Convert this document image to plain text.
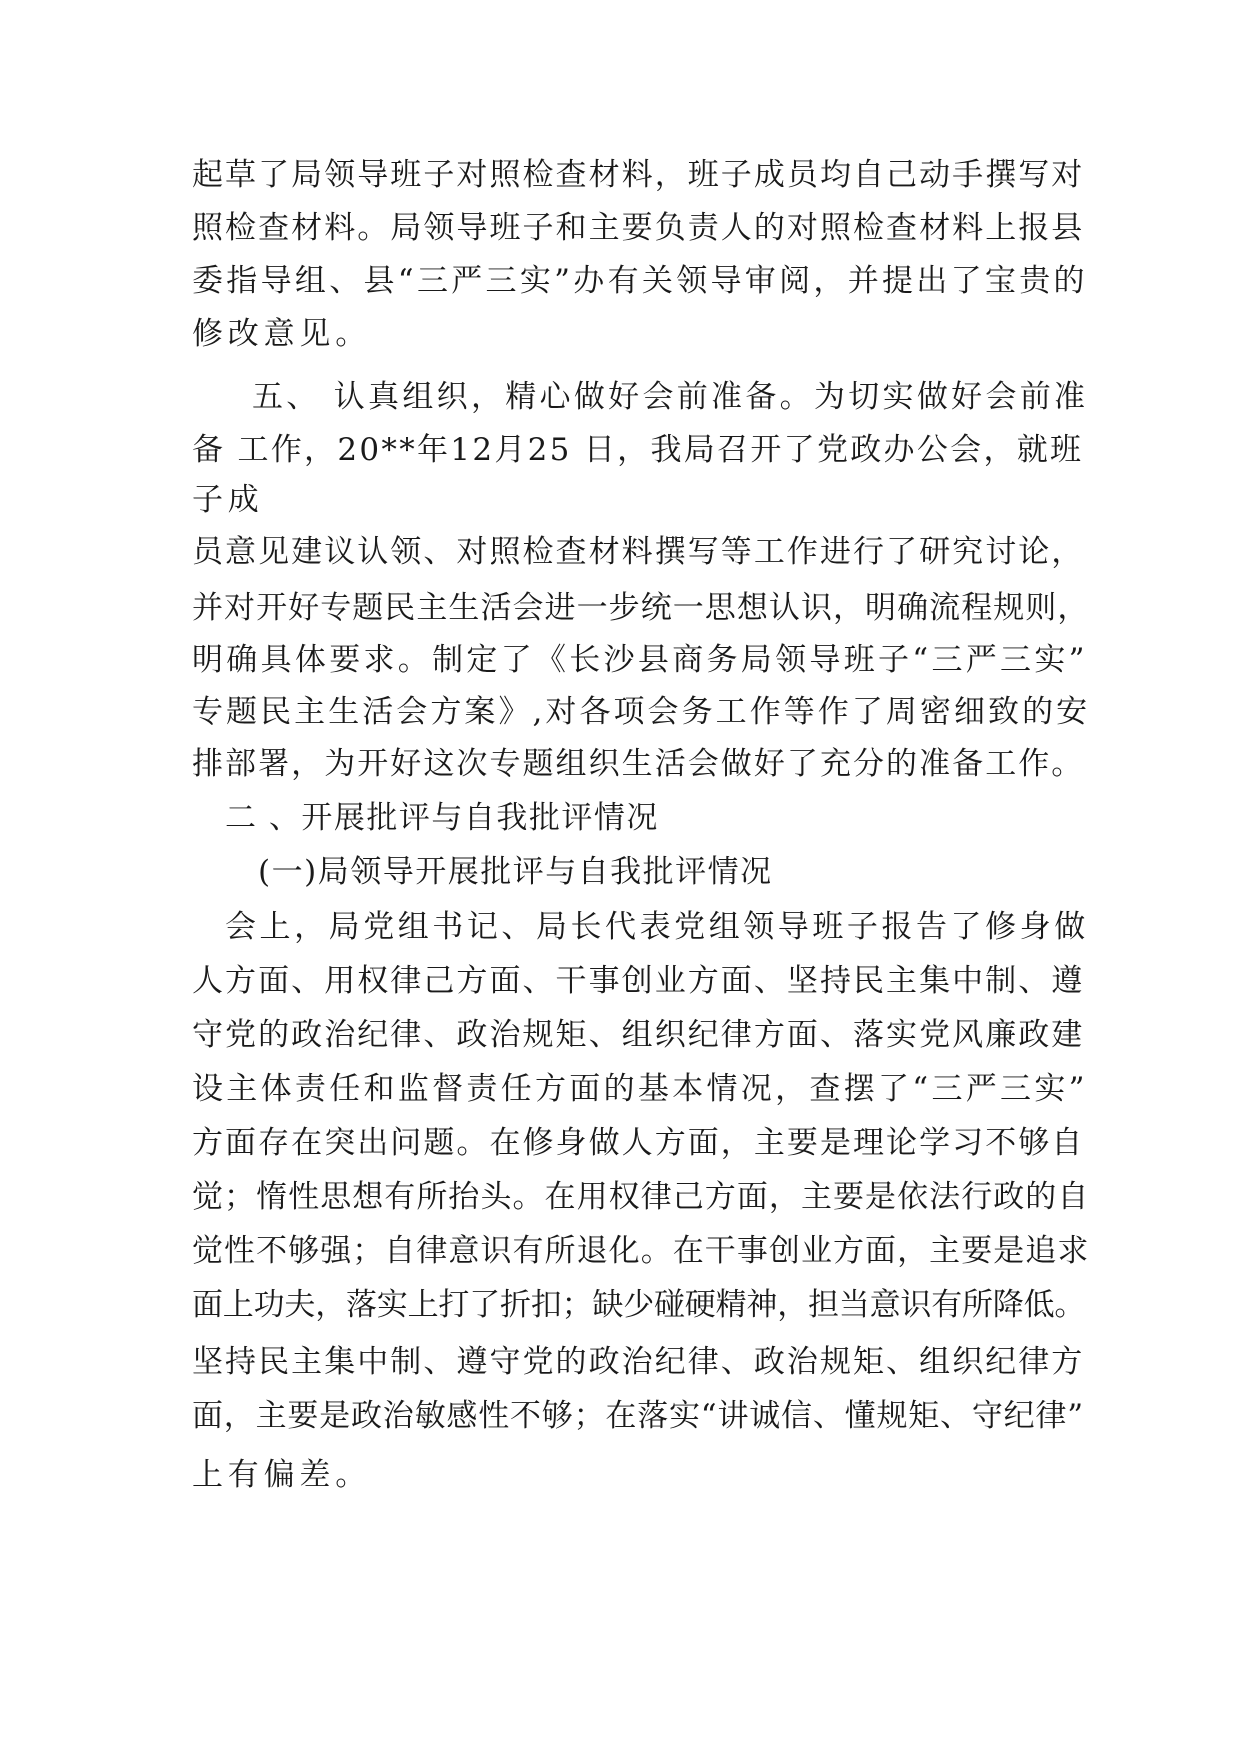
起草了局领导班子对照检查材料，班子成员均自己动手撰写对
照检查材料。局领导班子和主要负责人的对照检查材料上报县
委指导组、县“三严三实”办有关领导审阅，并提出了宝贵的
修改意见。
五、 认真组织，精心做好会前准备。为切实做好会前准
备 工作，20**年12月25 日，我局召开了党政办公会，就班
子成
员意见建议认领、对照检查材料撰写等工作进行了研究讨论，
并对开好专题民主生活会进一步统一思想认识，明确流程规则，
明确具体要求。制定了《长沙县商务局领导班子“三严三实”
专题民主生活会方案》,对各项会务工作等作了周密细致的安
排部署，为开好这次专题组织生活会做好了充分的准备工作。
二 、开展批评与自我批评情况
(一)局领导开展批评与自我批评情况
会上，局党组书记、局长代表党组领导班子报告了修身做
人方面、用权律己方面、干事创业方面、坚持民主集中制、遵
守党的政治纪律、政治规矩、组织纪律方面、落实党风廉政建
设主体责任和监督责任方面的基本情况，查摆了“三严三实”
方面存在突出问题。在修身做人方面，主要是理论学习不够自
觉；惰性思想有所抬头。在用权律己方面，主要是依法行政的自
觉性不够强；自律意识有所退化。在干事创业方面，主要是追求
面上功夫，落实上打了折扣；缺少碰硬精神，担当意识有所降低。
坚持民主集中制、遵守党的政治纪律、政治规矩、组织纪律方
面，主要是政治敏感性不够；在落实“讲诚信、懂规矩、守纪律”
上有偏差。
